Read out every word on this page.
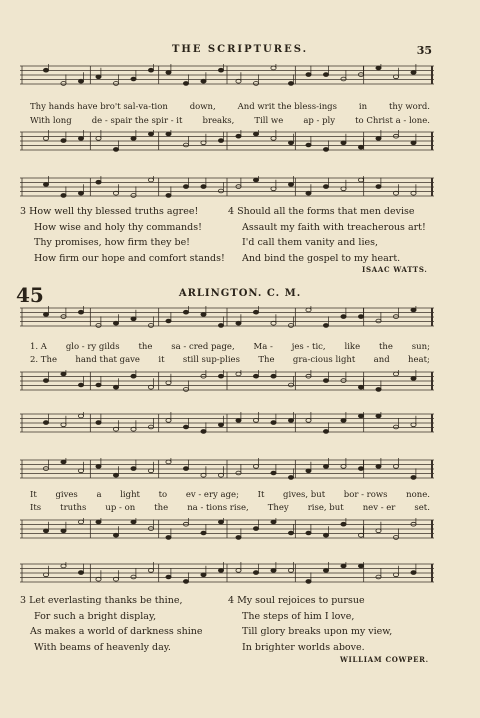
THE SCRIPTURES.	35
Thy hands have bro't sal-va-tion	down,	And writ the bless-ings	in	thy word.
With long de - spair the spir - it breaks, Till we ap - ply to Christ a - lone.
3 How well thy blessed truths agree!
How wise and holy thy commands!
Thy promises, how firm they be!
How firm our hope and comfort stands!
4 Should all the forms that men devise
Assault my faith with treacherous art!
I'd call them vanity and lies,
And bind the gospel to my heart.
ISAAC WATTS.
45	ARLINGTON. C. M.
1. A glo - ry gilds the sa - cred page, Ma - jes - tic, like the sun;
2. The hand that gave it still sup-plies The gra-cious light and heat;
It gives a light to ev - ery age; It gives, but bor - rows none.
Its truths up - on the na - tions rise, They rise, but nev - er set.
3 Let everlasting thanks be thine,
For such a bright display,
As makes a world of darkness shine
With beams of heavenly day.
4 My soul rejoices to pursue
The steps of him I love,
Till glory breaks upon my view,
In brighter worlds above.
WILLIAM COWPER.
